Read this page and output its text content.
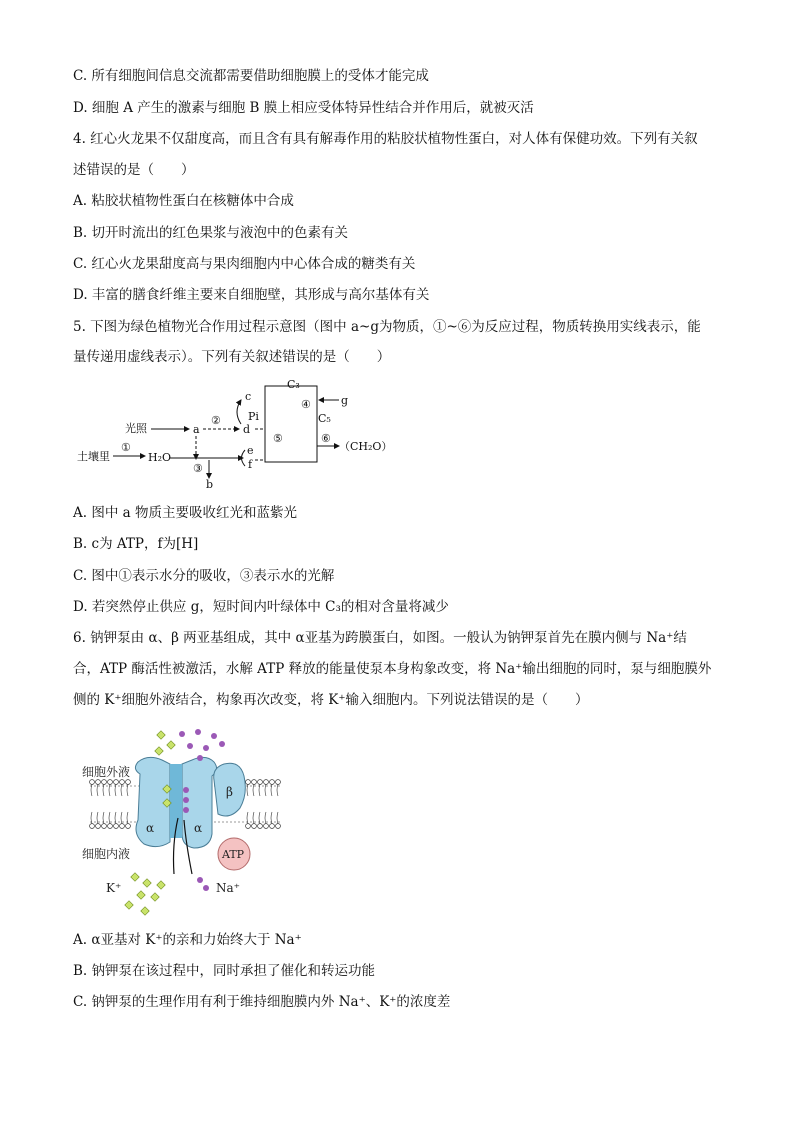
C. 所有细胞间信息交流都需要借助细胞膜上的受体才能完成
D. 细胞 A 产生的激素与细胞 B 膜上相应受体特异性结合并作用后，就被灭活
4. 红心火龙果不仅甜度高，而且含有具有解毒作用的粘胶状植物性蛋白，对人体有保健功效。下列有关叙
述错误的是（　　）
A. 粘胶状植物性蛋白在核糖体中合成
B. 切开时流出的红色果浆与液泡中的色素有关
C. 红心火龙果甜度高与果肉细胞内中心体合成的糖类有关
D. 丰富的膳食纤维主要来自细胞壁，其形成与高尔基体有关
5. 下图为绿色植物光合作用过程示意图（图中 a~g为物质，①~⑥为反应过程，物质转换用实线表示，能
量传递用虚线表示）。下列有关叙述错误的是（　　）
光照	a
②
d
c
Pi
土壤里
①
H₂O
③
b
e
f
C₃
C₅
④
⑤	⑥
g
（CH₂O）
A. 图中 a 物质主要吸收红光和蓝紫光
B. c为 ATP，f为[H]
C. 图中①表示水分的吸收，③表示水的光解
D. 若突然停止供应 g，短时间内叶绿体中 C₃的相对含量将减少
6. 钠钾泵由 α、β 两亚基组成，其中 α亚基为跨膜蛋白，如图。一般认为钠钾泵首先在膜内侧与 Na⁺结
合，ATP 酶活性被激活，水解 ATP 释放的能量使泵本身构象改变，将 Na⁺输出细胞的同时，泵与细胞膜外
侧的 K⁺细胞外液结合，构象再次改变，将 K⁺输入细胞内。下列说法错误的是（　　）
α	α
β
ATP
细胞外液
细胞内液
K⁺	Na⁺
A. α亚基对 K⁺的亲和力始终大于 Na⁺
B. 钠钾泵在该过程中，同时承担了催化和转运功能
C. 钠钾泵的生理作用有利于维持细胞膜内外 Na⁺、K⁺的浓度差
